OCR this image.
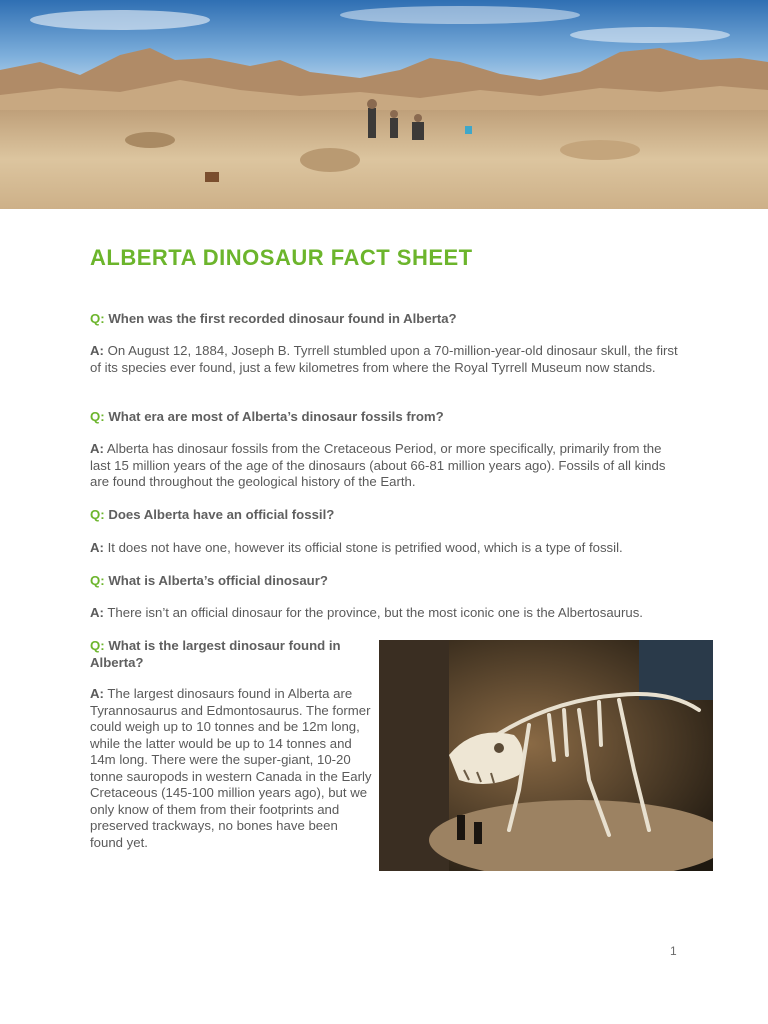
ALBERTA DINOSAUR FACT SHEET

Q: When was the first recorded dinosaur found in Alberta?

A: On August 12, 1884, Joseph B. Tyrrell stumbled upon a 70-million-year-old dinosaur skull, the first of its species ever found, just a few kilometres from where the Royal Tyrrell Museum now stands.

Q: What era are most of Alberta’s dinosaur fossils from?

A: Alberta has dinosaur fossils from the Cretaceous Period, or more specifically, primarily from the last 15 million years of the age of the dinosaurs (about 66-81 million years ago). Fossils of all kinds are found throughout the geological history of the Earth.

Q: Does Alberta have an official fossil?

A: It does not have one, however its official stone is petrified wood, which is a type of fossil.

Q: What is Alberta’s official dinosaur?

A: There isn’t an official dinosaur for the province, but the most iconic one is the Albertosaurus.

Q: What is the largest dinosaur found in Alberta?

A: The largest dinosaurs found in Alberta are Tyrannosaurus and Edmontosaurus. The former could weigh up to 10 tonnes and be 12m long, while the latter would be up to 14 tonnes and 14m long. There were the super-giant, 10-20 tonne sauropods in western Canada in the Early Cretaceous (145-100 million years ago), but we only know of them from their footprints and preserved trackways, no bones have been found yet.

1
